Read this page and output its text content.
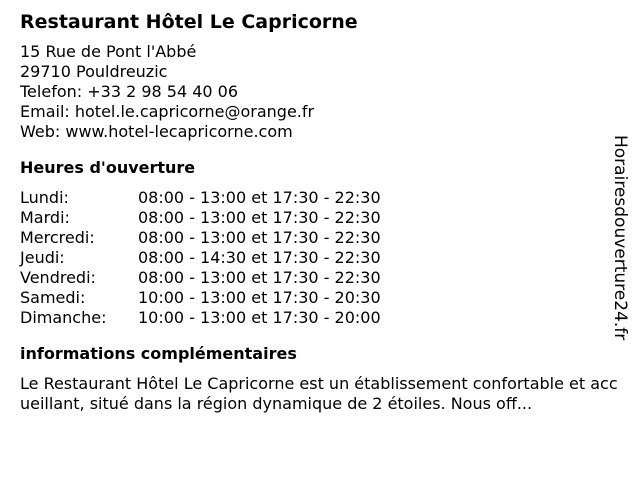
Restaurant Hôtel Le Capricorne
15 Rue de Pont l'Abbé
29710 Pouldreuzic
Telefon: +33 2 98 54 40 06
Email: hotel.le.capricorne@orange.fr
Web: www.hotel-lecapricorne.com
Heures d'ouverture
Lundi:	08:00 - 13:00 et 17:30 - 22:30
Mardi:	08:00 - 13:00 et 17:30 - 22:30
Mercredi:	08:00 - 13:00 et 17:30 - 22:30
Jeudi:	08:00 - 14:30 et 17:30 - 22:30
Vendredi:	08:00 - 13:00 et 17:30 - 22:30
Samedi:	10:00 - 13:00 et 17:30 - 20:30
Dimanche:	10:00 - 13:00 et 17:30 - 20:00
informations complémentaires
Le Restaurant Hôtel Le Capricorne est un établissement confortable et accueillant, situé dans la région dynamique de 2 étoiles. Nous off...
Horairesdouverture24.fr
